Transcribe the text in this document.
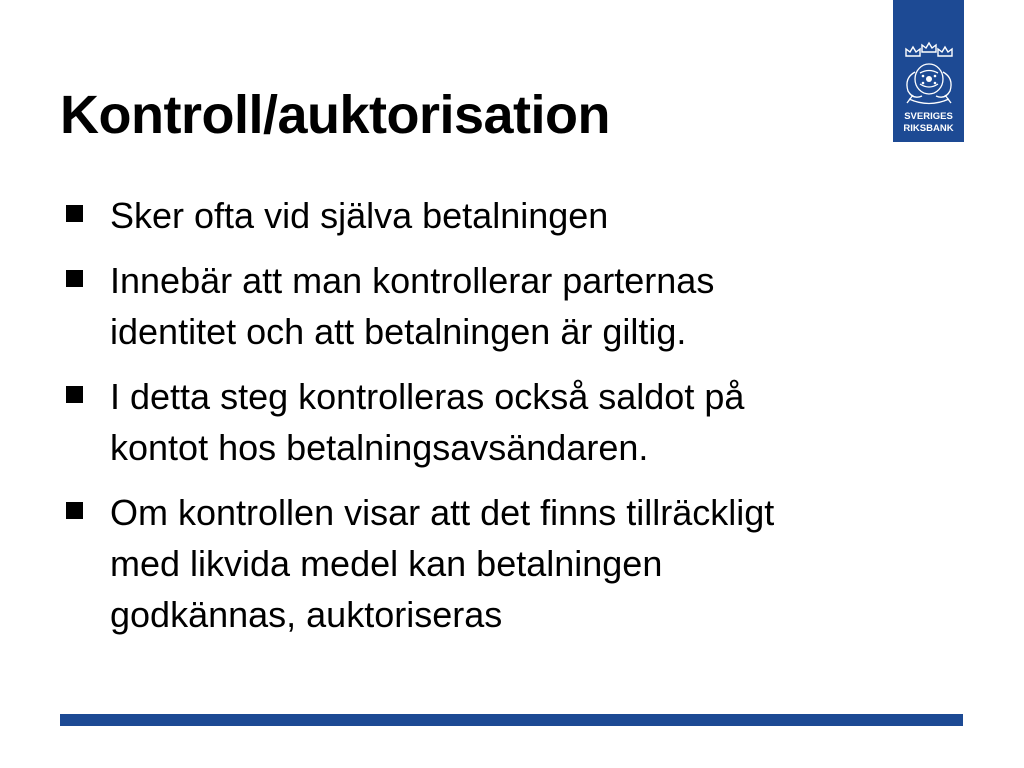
SVERIGES
RIKSBANK
Kontroll/auktorisation
Sker ofta vid själva betalningen
Innebär att man kontrollerar parternas
identitet och att betalningen är giltig.
I detta steg kontrolleras också saldot på
kontot hos betalningsavsändaren.
Om kontrollen visar att det finns tillräckligt
med likvida medel kan betalningen
godkännas, auktoriseras
